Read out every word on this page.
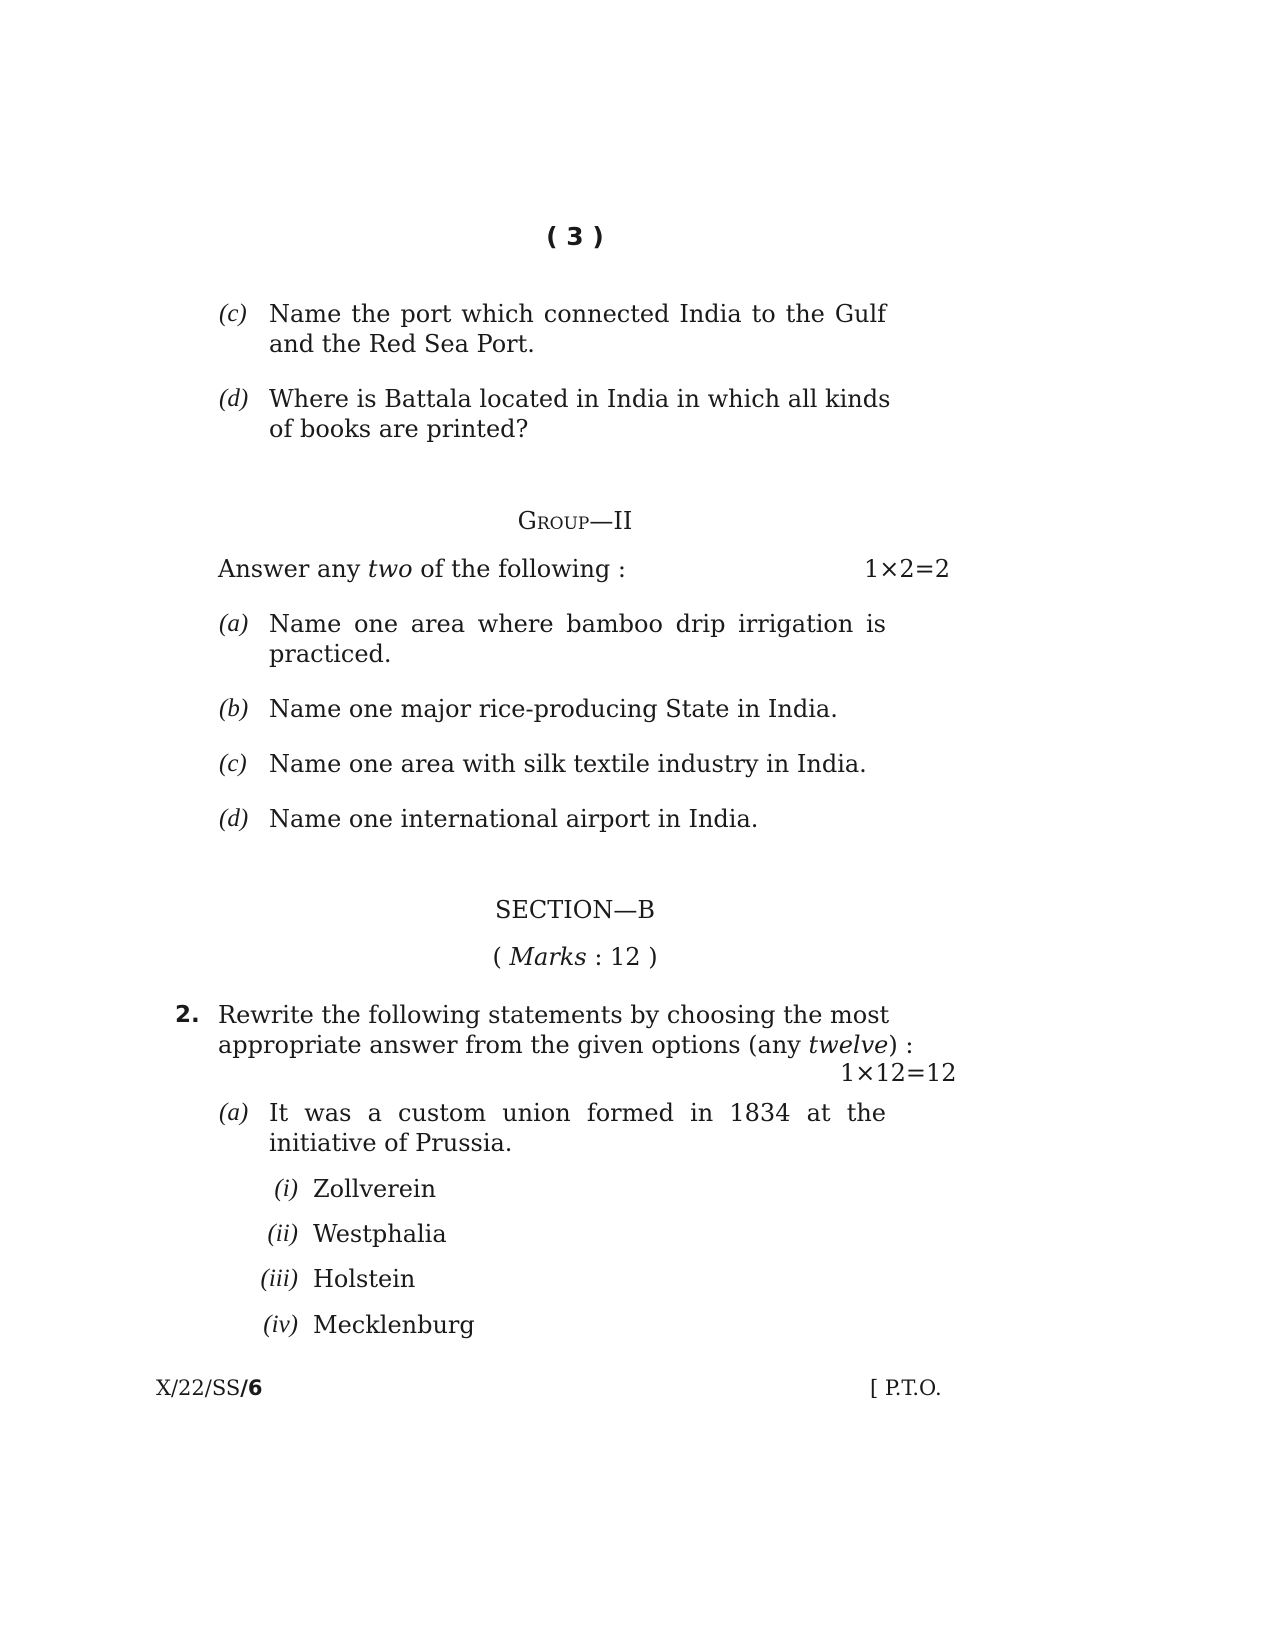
( 3 )
(c) Name the port which connected India to the Gulf
and the Red Sea Port.
(d) Where is Battala located in India in which all kinds
of books are printed?
Group—II
Answer any two of the following :	1×2=2
(a) Name one area where bamboo drip irrigation is
practiced.
(b) Name one major rice-producing State in India.
(c) Name one area with silk textile industry in India.
(d) Name one international airport in India.
SECTION—B
( Marks : 12 )
2. Rewrite the following statements by choosing the most
appropriate answer from the given options (any twelve) :
1×12=12
(a) It was a custom union formed in 1834 at the
initiative of Prussia.
(i) Zollverein
(ii) Westphalia
(iii) Holstein
(iv) Mecklenburg
X/22/SS/6	[ P.T.O.
